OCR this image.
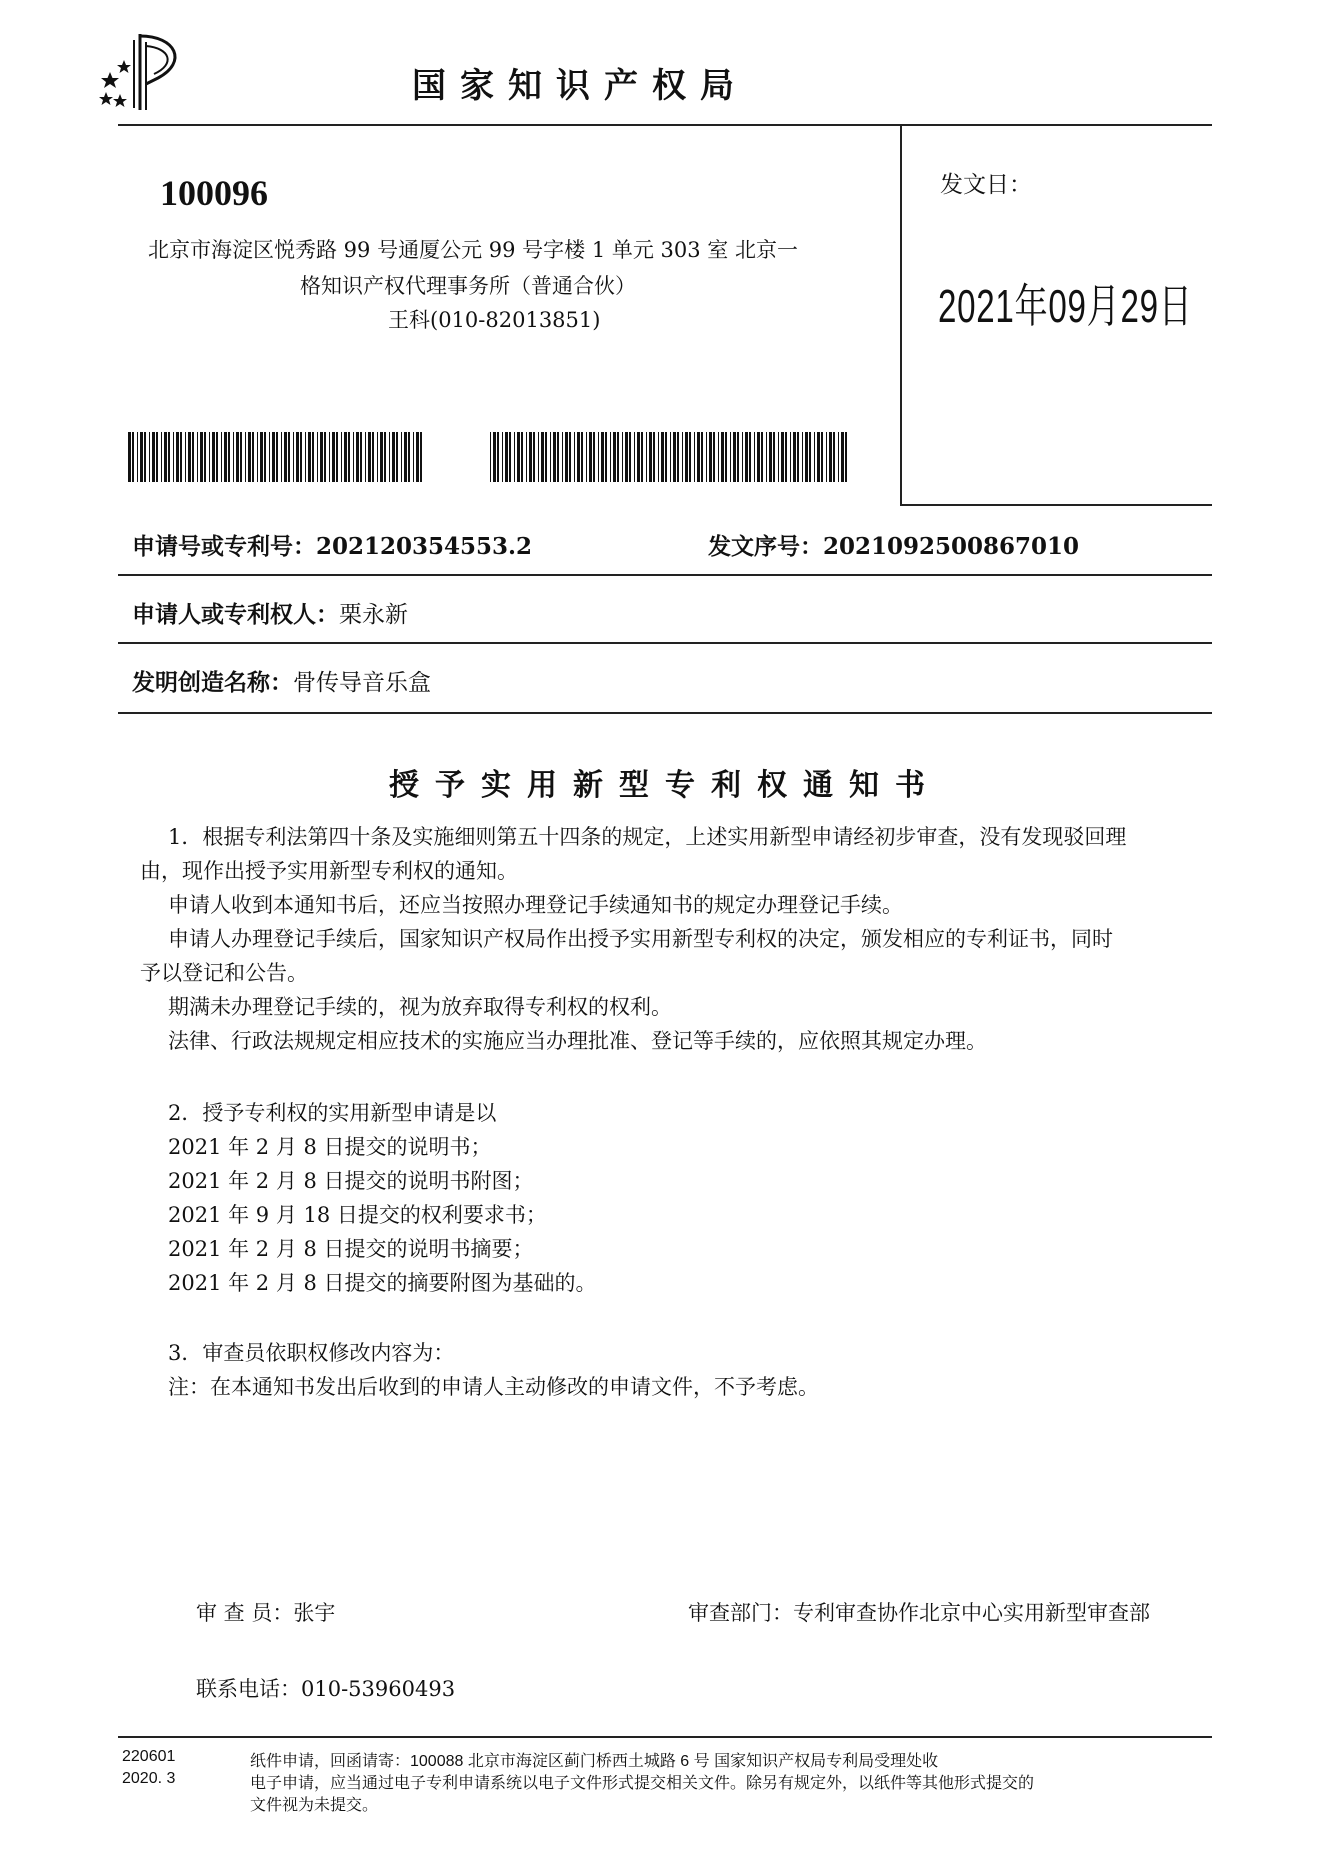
国家知识产权局
100096
北京市海淀区悦秀路 99 号通厦公元 99 号字楼 1 单元 303 室 北京一
格知识产权代理事务所（普通合伙）
王科(010-82013851)
发文日：
2021年09月29日
申请号或专利号：202120354553.2	发文序号：2021092500867010
申请人或专利权人：栗永新
发明创造名称：骨传导音乐盒
授予实用新型专利权通知书
1．根据专利法第四十条及实施细则第五十四条的规定，上述实用新型申请经初步审查，没有发现驳回理
由，现作出授予实用新型专利权的通知。
申请人收到本通知书后，还应当按照办理登记手续通知书的规定办理登记手续。
申请人办理登记手续后，国家知识产权局作出授予实用新型专利权的决定，颁发相应的专利证书，同时
予以登记和公告。
期满未办理登记手续的，视为放弃取得专利权的权利。
法律、行政法规规定相应技术的实施应当办理批准、登记等手续的，应依照其规定办理。
2．授予专利权的实用新型申请是以
2021 年 2 月 8 日提交的说明书；
2021 年 2 月 8 日提交的说明书附图；
2021 年 9 月 18 日提交的权利要求书；
2021 年 2 月 8 日提交的说明书摘要；
2021 年 2 月 8 日提交的摘要附图为基础的。
3．审查员依职权修改内容为：
注：在本通知书发出后收到的申请人主动修改的申请文件，不予考虑。
审 查 员：张宇	审查部门：专利审查协作北京中心实用新型审查部
联系电话：010-53960493
220601
2020. 3
纸件申请，回函请寄：100088 北京市海淀区蓟门桥西土城路 6 号 国家知识产权局专利局受理处收
电子申请，应当通过电子专利申请系统以电子文件形式提交相关文件。除另有规定外，以纸件等其他形式提交的
文件视为未提交。
